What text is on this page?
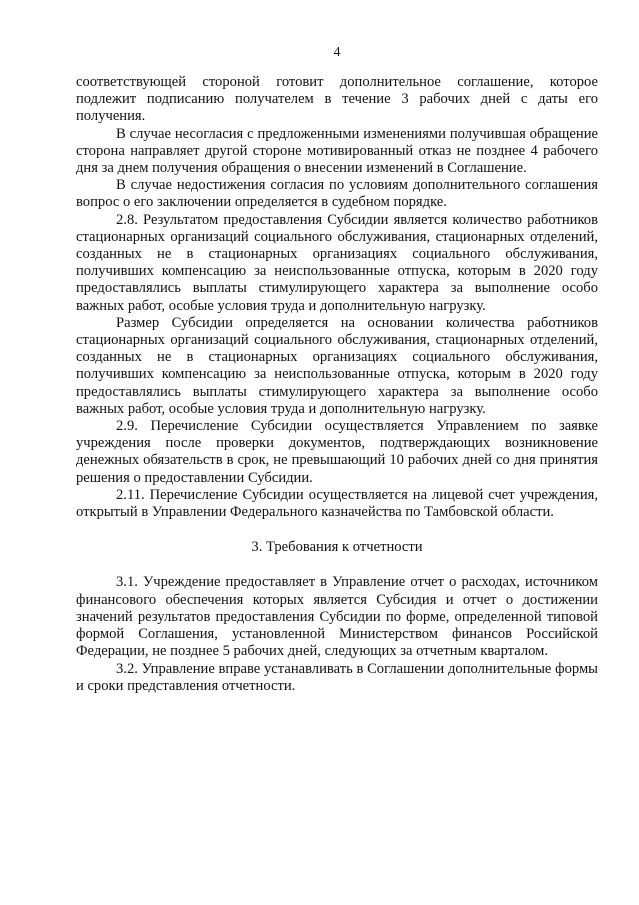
4

соответствующей стороной готовит дополнительное соглашение, которое подлежит подписанию получателем в течение 3 рабочих дней с даты его получения.

В случае несогласия с предложенными изменениями получившая обращение сторона направляет другой стороне мотивированный отказ не позднее 4 рабочего дня за днем получения обращения о внесении изменений в Соглашение.

В случае недостижения согласия по условиям дополнительного соглашения вопрос о его заключении определяется в судебном порядке.

2.8. Результатом предоставления Субсидии является количество работников стационарных организаций социального обслуживания, стационарных отделений, созданных не в стационарных организациях социального обслуживания, получивших компенсацию за неиспользованные отпуска, которым в 2020 году предоставлялись выплаты стимулирующего характера за выполнение особо важных работ, особые условия труда и дополнительную нагрузку.

Размер Субсидии определяется на основании количества работников стационарных организаций социального обслуживания, стационарных отделений, созданных не в стационарных организациях социального обслуживания, получивших компенсацию за неиспользованные отпуска, которым в 2020 году предоставлялись выплаты стимулирующего характера за выполнение особо важных работ, особые условия труда и дополнительную нагрузку.

2.9. Перечисление Субсидии осуществляется Управлением по заявке учреждения после проверки документов, подтверждающих возникновение денежных обязательств в срок, не превышающий 10 рабочих дней со дня принятия решения о предоставлении Субсидии.

2.11. Перечисление Субсидии осуществляется на лицевой счет учреждения, открытый в Управлении Федерального казначейства по Тамбовской области.

3. Требования к отчетности

3.1. Учреждение предоставляет в Управление отчет о расходах, источником финансового обеспечения которых является Субсидия и отчет о достижении значений результатов предоставления Субсидии по форме, определенной типовой формой Соглашения, установленной Министерством финансов Российской Федерации, не позднее 5 рабочих дней, следующих за отчетным кварталом.

3.2. Управление вправе устанавливать в Соглашении дополнительные формы и сроки представления отчетности.
